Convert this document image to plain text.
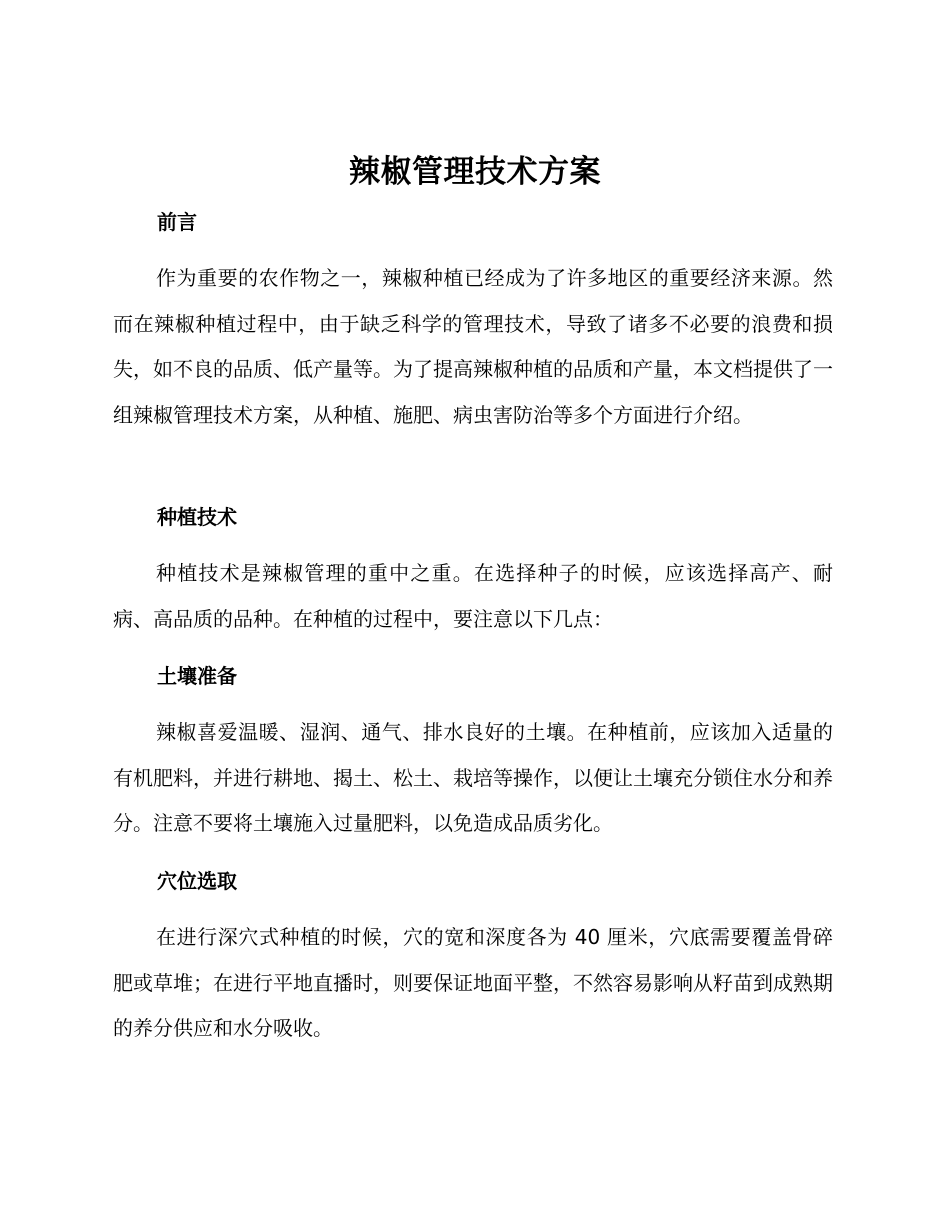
辣椒管理技术方案
前言

作为重要的农作物之一，辣椒种植已经成为了许多地区的重要经济来源。然而在辣椒种植过程中，由于缺乏科学的管理技术，导致了诸多不必要的浪费和损失，如不良的品质、低产量等。为了提高辣椒种植的品质和产量，本文档提供了一组辣椒管理技术方案，从种植、施肥、病虫害防治等多个方面进行介绍。

种植技术

种植技术是辣椒管理的重中之重。在选择种子的时候，应该选择高产、耐病、高品质的品种。在种植的过程中，要注意以下几点：

土壤准备

辣椒喜爱温暖、湿润、通气、排水良好的土壤。在种植前，应该加入适量的有机肥料，并进行耕地、揭土、松土、栽培等操作，以便让土壤充分锁住水分和养分。注意不要将土壤施入过量肥料，以免造成品质劣化。

穴位选取

在进行深穴式种植的时候，穴的宽和深度各为 40 厘米，穴底需要覆盖骨碎肥或草堆；在进行平地直播时，则要保证地面平整，不然容易影响从籽苗到成熟期的养分供应和水分吸收。
